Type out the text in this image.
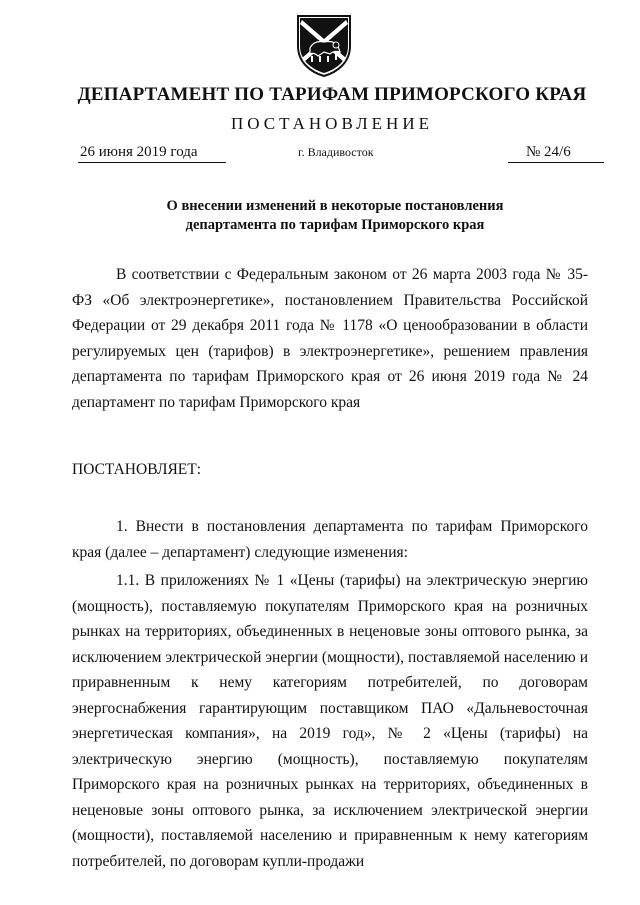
ДЕПАРТАМЕНТ ПО ТАРИФАМ ПРИМОРСКОГО КРАЯ
ПОСТАНОВЛЕНИЕ
26 июня 2019 года	г. Владивосток	№ 24/6
О внесении изменений в некоторые постановления
департамента по тарифам Приморского края

В соответствии с Федеральным законом от 26 марта 2003 года № 35-ФЗ «Об электроэнергетике», постановлением Правительства Российской Федерации от 29 декабря 2011 года № 1178 «О ценообразовании в области регулируемых цен (тарифов) в электроэнергетике», решением правления департамента по тарифам Приморского края от 26 июня 2019 года № 24 департамент по тарифам Приморского края

ПОСТАНОВЛЯЕТ:

1. Внести в постановления департамента по тарифам Приморского края (далее – департамент) следующие изменения:

1.1. В приложениях № 1 «Цены (тарифы) на электрическую энергию (мощность), поставляемую покупателям Приморского края на розничных рынках на территориях, объединенных в неценовые зоны оптового рынка, за исключением электрической энергии (мощности), поставляемой населению и приравненным к нему категориям потребителей, по договорам энергоснабжения гарантирующим поставщиком ПАО «Дальневосточная энергетическая компания», на 2019 год», № 2 «Цены (тарифы) на электрическую энергию (мощность), поставляемую покупателям Приморского края на розничных рынках на территориях, объединенных в неценовые зоны оптового рынка, за исключением электрической энергии (мощности), поставляемой населению и приравненным к нему категориям потребителей, по договорам купли-продажи
